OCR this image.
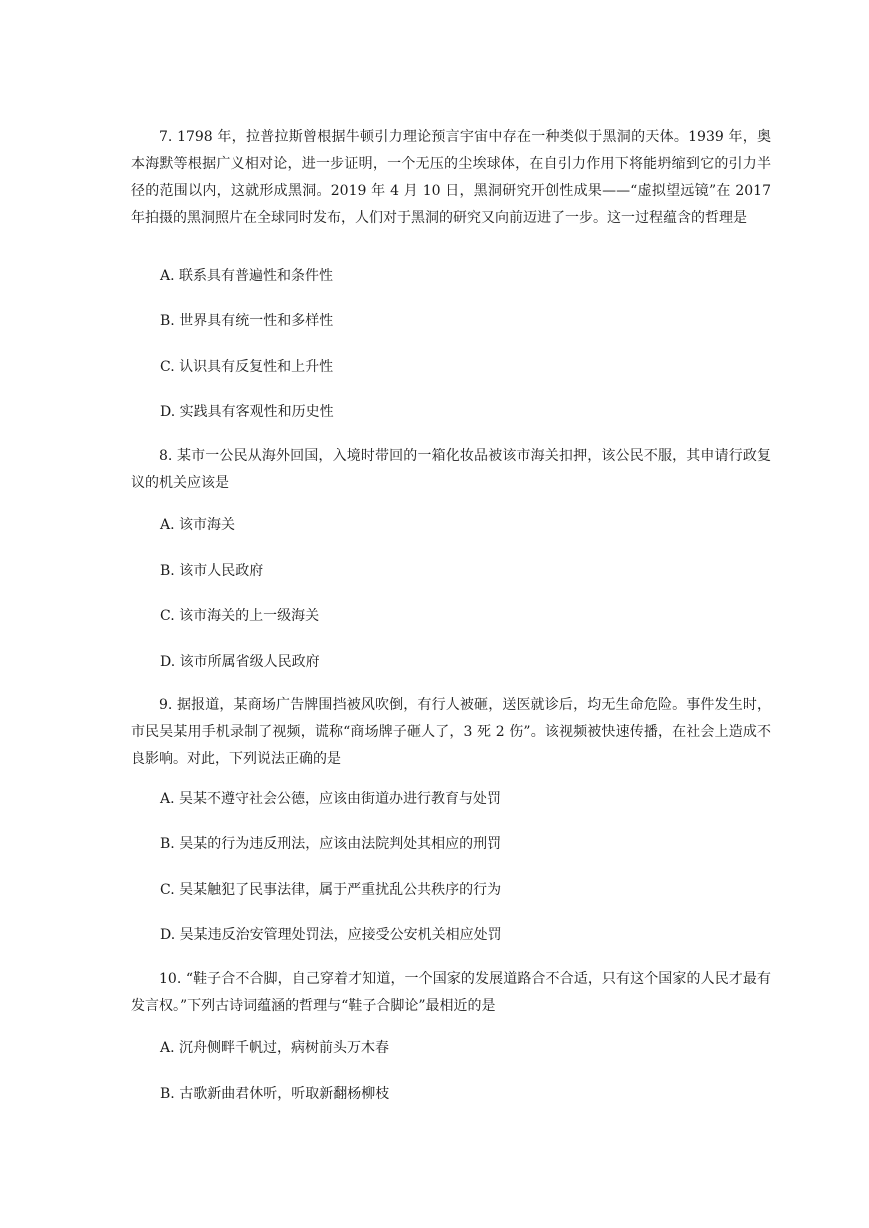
7. 1798 年，拉普拉斯曾根据牛顿引力理论预言宇宙中存在一种类似于黑洞的天体。1939 年，奥本海默等根据广义相对论，进一步证明，一个无压的尘埃球体，在自引力作用下将能坍缩到它的引力半径的范围以内，这就形成黑洞。2019 年 4 月 10 日，黑洞研究开创性成果——“虚拟望远镜”在 2017 年拍摄的黑洞照片在全球同时发布，人们对于黑洞的研究又向前迈进了一步。这一过程蕴含的哲理是

A. 联系具有普遍性和条件性

B. 世界具有统一性和多样性

C. 认识具有反复性和上升性

D. 实践具有客观性和历史性

8. 某市一公民从海外回国，入境时带回的一箱化妆品被该市海关扣押，该公民不服，其申请行政复议的机关应该是

A. 该市海关

B. 该市人民政府

C. 该市海关的上一级海关

D. 该市所属省级人民政府

9. 据报道，某商场广告牌围挡被风吹倒，有行人被砸，送医就诊后，均无生命危险。事件发生时，市民吴某用手机录制了视频，谎称“商场牌子砸人了，3 死 2 伤”。该视频被快速传播，在社会上造成不良影响。对此，下列说法正确的是

A. 吴某不遵守社会公德，应该由街道办进行教育与处罚

B. 吴某的行为违反刑法，应该由法院判处其相应的刑罚

C. 吴某触犯了民事法律，属于严重扰乱公共秩序的行为

D. 吴某违反治安管理处罚法，应接受公安机关相应处罚

10. “鞋子合不合脚，自己穿着才知道，一个国家的发展道路合不合适，只有这个国家的人民才最有发言权。”下列古诗词蕴涵的哲理与“鞋子合脚论”最相近的是

A. 沉舟侧畔千帆过，病树前头万木春

B. 古歌新曲君休听，听取新翻杨柳枝
